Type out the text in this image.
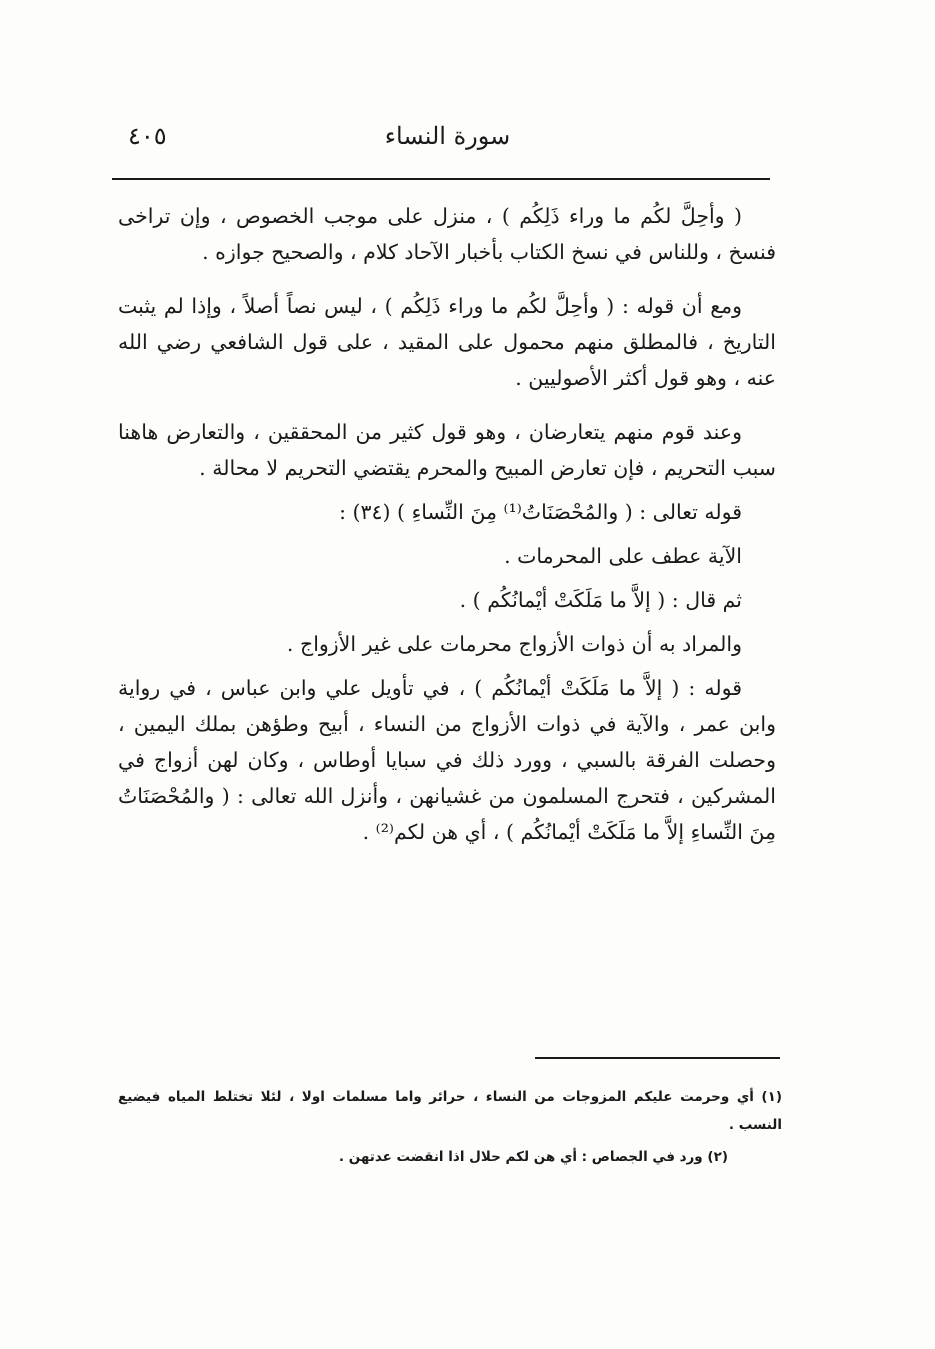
٤٠٥	سورة النساء

( وأحِلَّ لكُم ما وراء ذَلِكُم ) ، منزل على موجب الخصوص ، وإن تراخى فنسخ ، وللناس في نسخ الكتاب بأخبار الآحاد كلام ، والصحيح جوازه .

ومع أن قوله : ( وأحِلَّ لكُم ما وراء ذَلِكُم ) ، ليس نصاً أصلاً ، وإذا لم يثبت التاريخ ، فالمطلق منهم محمول على المقيد ، على قول الشافعي رضي الله عنه ، وهو قول أكثر الأصوليين .

وعند قوم منهم يتعارضان ، وهو قول كثير من المحققين ، والتعارض هاهنا سبب التحريم ، فإن تعارض المبيح والمحرم يقتضي التحريم لا محالة .

قوله تعالى : ( والمُحْصَنَاتُ⁽¹⁾ مِنَ النِّساءِ ) (٣٤) :

الآية عطف على المحرمات .

ثم قال : ( إلاَّ ما مَلَكَتْ أيْمانُكُم ) .

والمراد به أن ذوات الأزواج محرمات على غير الأزواج .

قوله : ( إلاَّ ما مَلَكَتْ أيْمانُكُم ) ، في تأويل علي وابن عباس ، في رواية وابن عمر ، والآية في ذوات الأزواج من النساء ، أبيح وطؤهن بملك اليمين ، وحصلت الفرقة بالسبي ، وورد ذلك في سبايا أوطاس ، وكان لهن أزواج في المشركين ، فتحرج المسلمون من غشيانهن ، وأنزل الله تعالى : ( والمُحْصَنَاتُ مِنَ النِّساءِ إلاَّ ما مَلَكَتْ أيْمانُكُم ) ، أي هن لكم⁽²⁾ .

(١) أي وحرمت عليكم المزوجات من النساء ، حرائر واما مسلمات اولا ، لئلا تختلط المياه فيضيع النسب .

(٢) ورد في الجصاص : أي هن لكم حلال اذا انقضت عدتهن .
